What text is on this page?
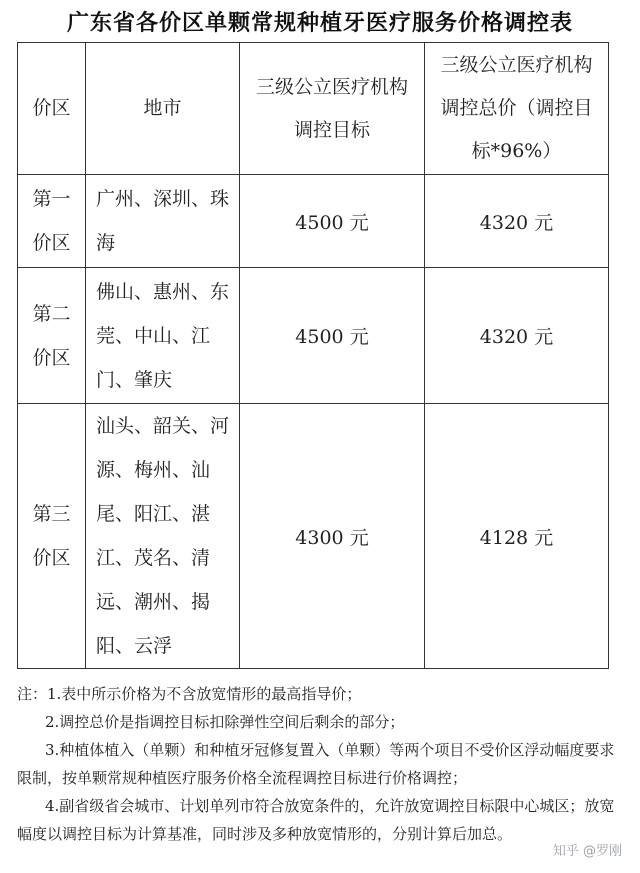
广东省各价区单颗常规种植牙医疗服务价格调控表
价区	地市	三级公立医疗机构调控目标	三级公立医疗机构调控总价（调控目标*96%）
第一价区	广州、深圳、珠海	4500 元	4320 元
第二价区	佛山、惠州、东莞、中山、江门、肇庆	4500 元	4320 元
第三价区	汕头、韶关、河源、梅州、汕尾、阳江、湛江、茂名、清远、潮州、揭阳、云浮	4300 元	4128 元

注：1.表中所示价格为不含放宽情形的最高指导价；

2.调控总价是指调控目标扣除弹性空间后剩余的部分；

3.种植体植入（单颗）和种植牙冠修复置入（单颗）等两个项目不受价区浮动幅度要求限制，按单颗常规种植医疗服务价格全流程调控目标进行价格调控；

4.副省级省会城市、计划单列市符合放宽条件的，允许放宽调控目标限中心城区；放宽幅度以调控目标为计算基准，同时涉及多种放宽情形的，分别计算后加总。

知乎 @罗刚
